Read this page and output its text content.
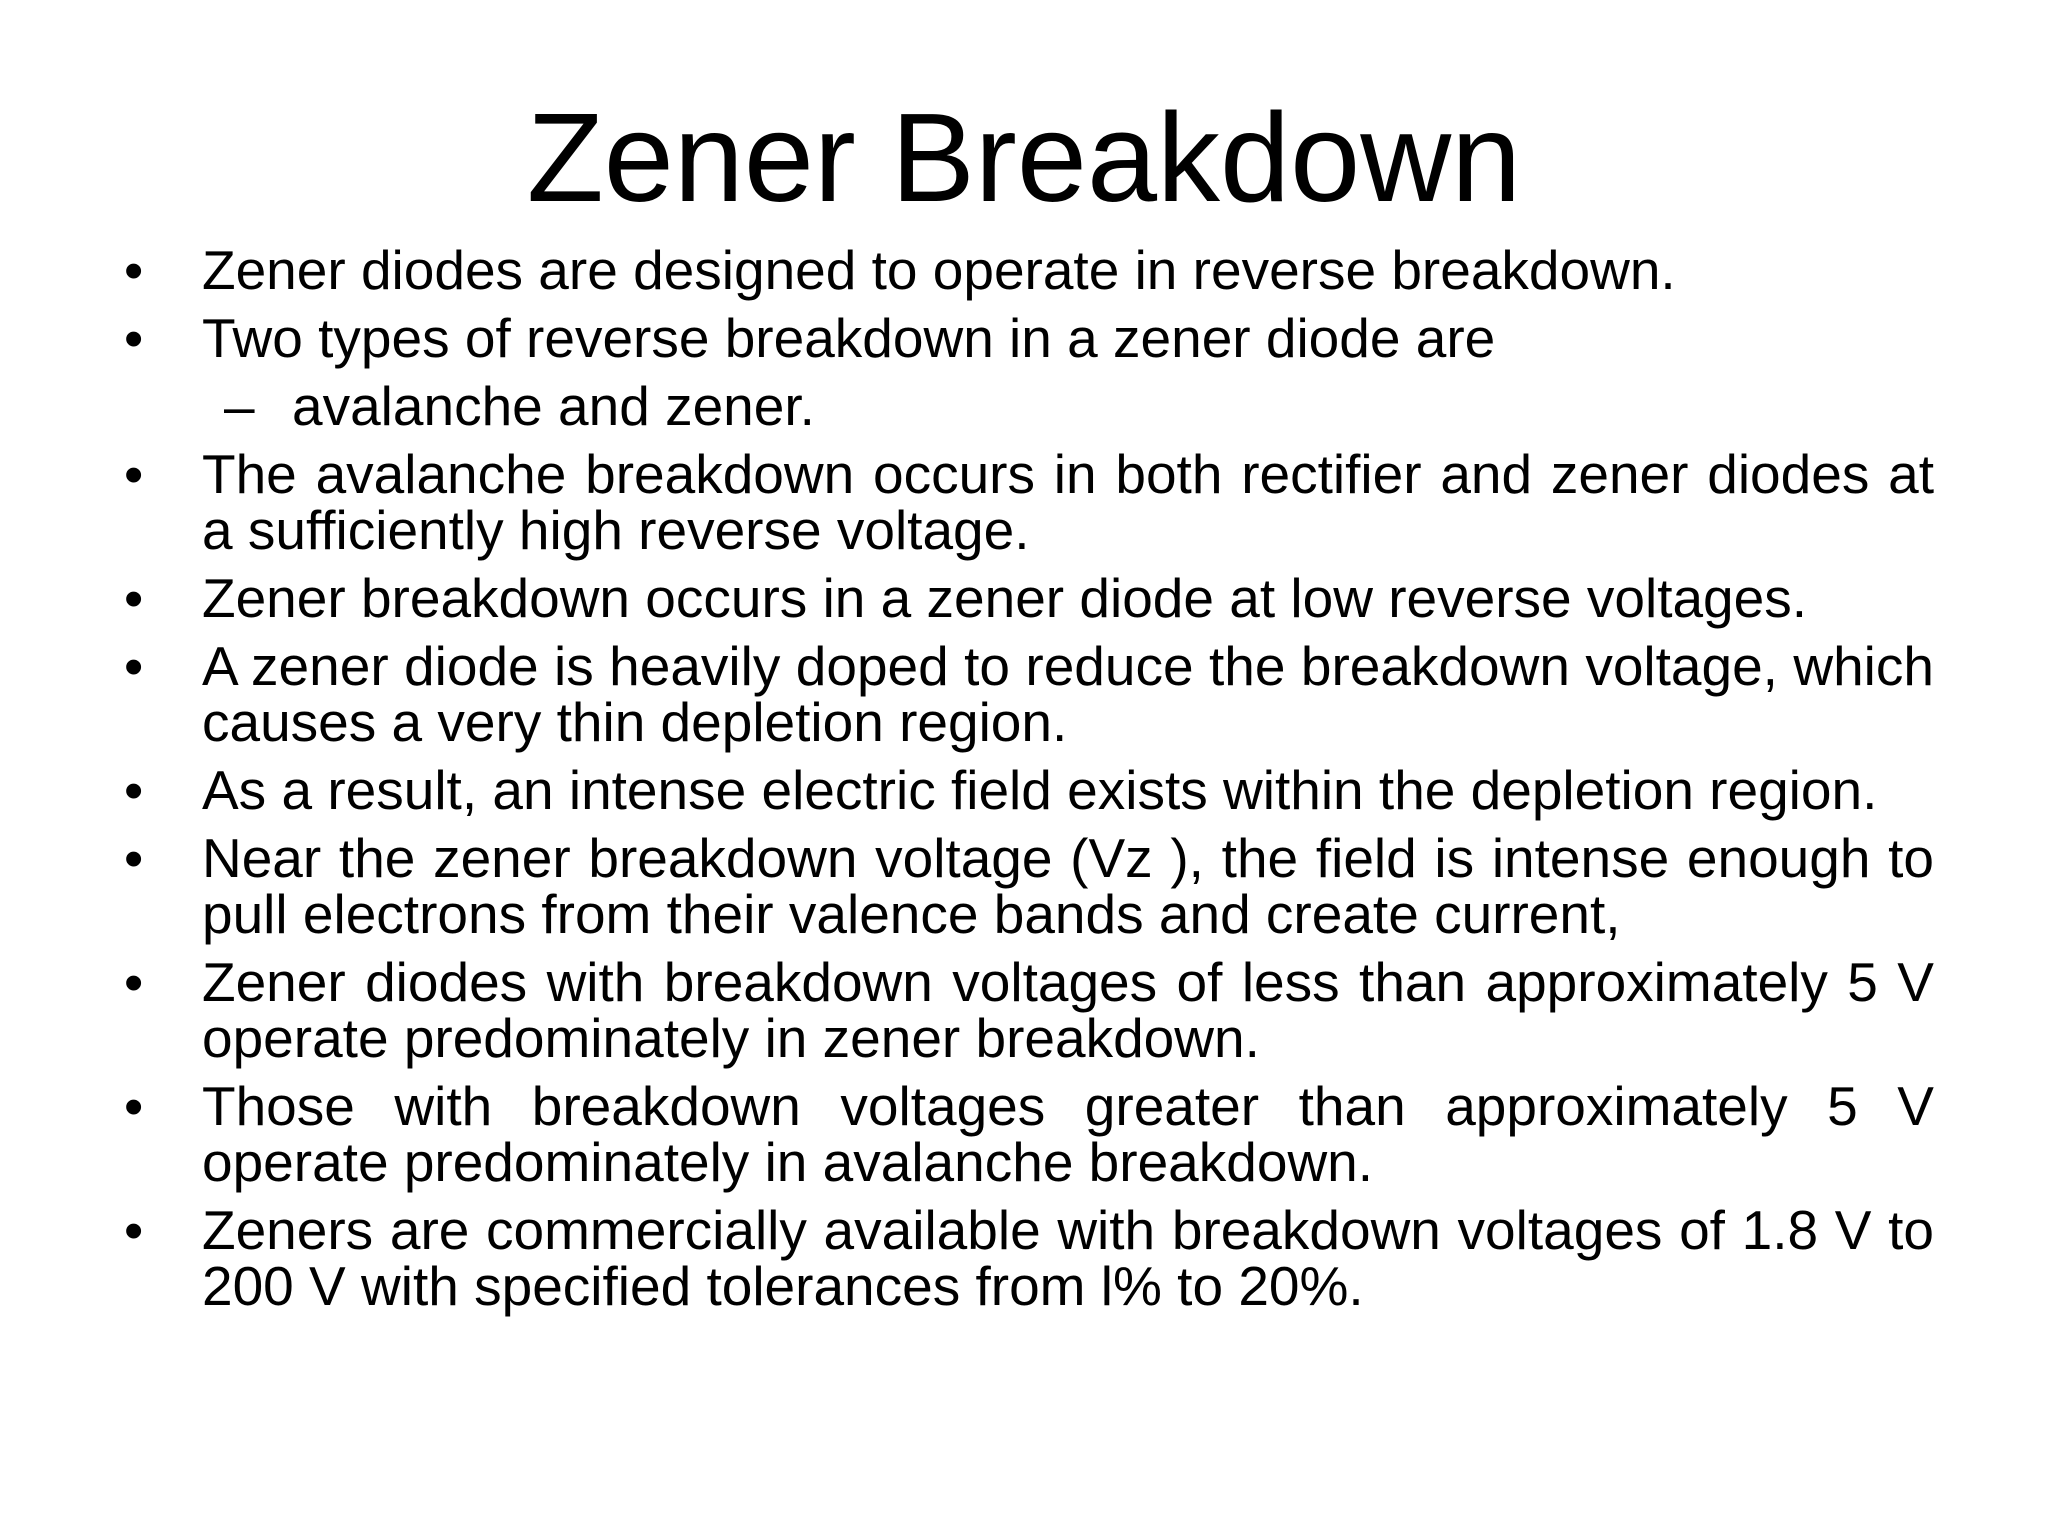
Zener Breakdown
• Zener diodes are designed to operate in reverse breakdown.
• Two types of reverse breakdown in a zener diode are
– avalanche and zener.
• The avalanche breakdown occurs in both rectifier and zener diodes at a sufficiently high reverse voltage.
• Zener breakdown occurs in a zener diode at low reverse voltages.
• A zener diode is heavily doped to reduce the breakdown voltage, which causes a very thin depletion region.
• As a result, an intense electric field exists within the depletion region.
• Near the zener breakdown voltage (Vz ), the field is intense enough to pull electrons from their valence bands and create current,
• Zener diodes with breakdown voltages of less than approximately 5 V operate predominately in zener breakdown.
• Those with breakdown voltages greater than approximately 5 V operate predominately in avalanche breakdown.
• Zeners are commercially available with breakdown voltages of 1.8 V to 200 V with specified tolerances from l% to 20%.
